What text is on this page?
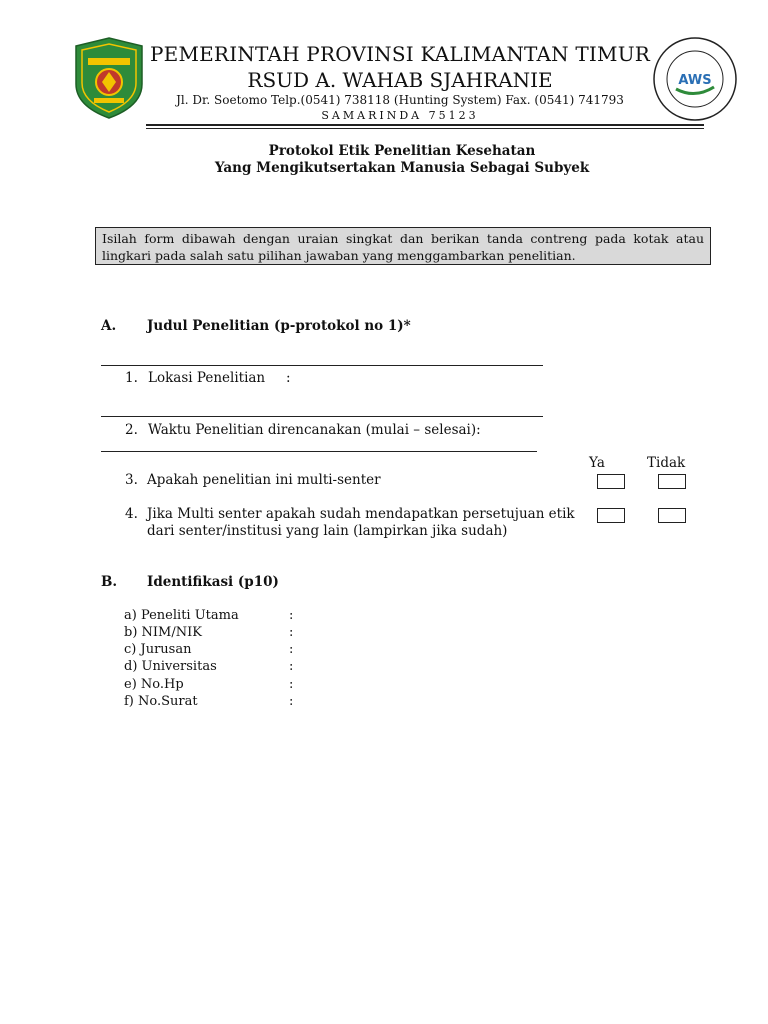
PEMERINTAH PROVINSI KALIMANTAN TIMUR
RSUD A. WAHAB SJAHRANIE
Jl. Dr. Soetomo Telp.(0541) 738118 (Hunting System) Fax. (0541) 741793
SAMARINDA 75123
AWS
Protokol Etik Penelitian Kesehatan
Yang Mengikutsertakan Manusia Sebagai Subyek
Isilah form dibawah dengan uraian singkat dan berikan tanda contreng pada kotak atau lingkari pada salah satu pilihan jawaban yang menggambarkan penelitian.
A. Judul Penelitian (p-protokol no 1)*
1. Lokasi Penelitian :
2. Waktu Penelitian direncanakan (mulai – selesai):
Ya	Tidak
3. Apakah penelitian ini multi-senter
4. Jika Multi senter apakah sudah mendapatkan persetujuan etik
dari senter/institusi yang lain (lampirkan jika sudah)
B. Identifikasi (p10)
a) Peneliti Utama	:
b) NIM/NIK	:
c) Jurusan	:
d) Universitas	:
e) No.Hp	:
f) No.Surat	:
